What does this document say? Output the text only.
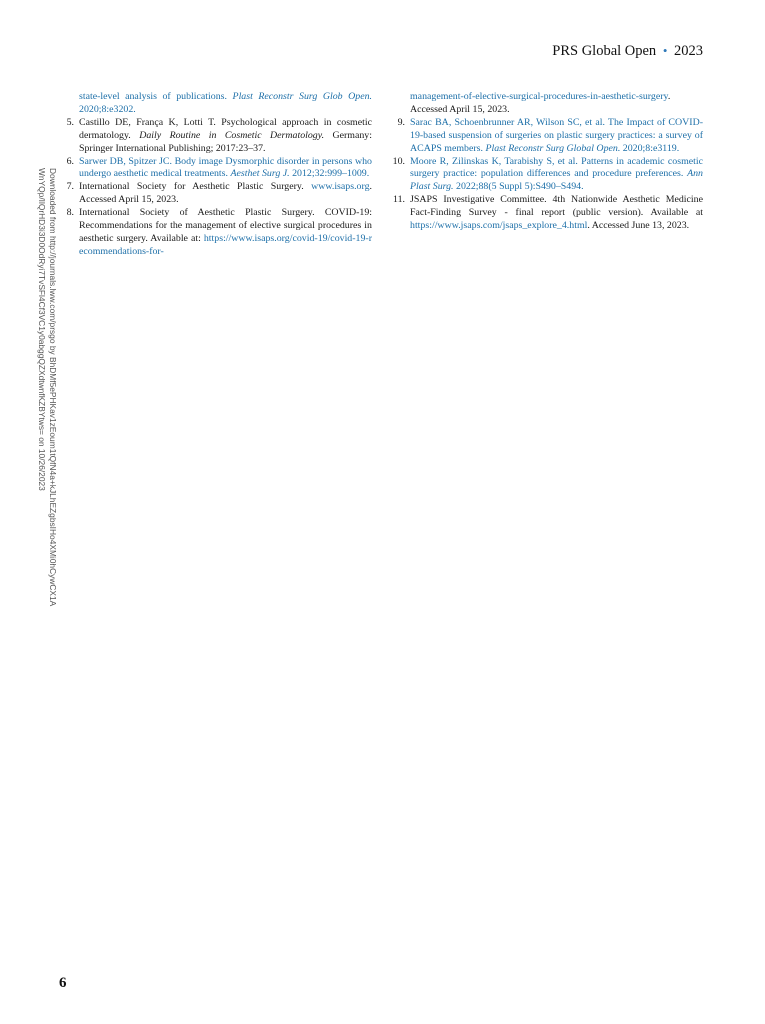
PRS Global Open • 2023
Downloaded from http://journals.lww.com/prsgo by BhDMf5ePHKav1zEoum1tQfN4a+kJLhEZgbsIHo4XMi0hCywCX1A
WnYQp/IlQrHD3i3D0OdRyi7TvSFl4Cf3VC1y0abggQZXdtwnfKZBYtws= on 10/26/2023
state-level analysis of publications. Plast Reconstr Surg Glob Open. 2020;8:e3202.
5. Castillo DE, França K, Lotti T. Psychological approach in cosmetic dermatology. Daily Routine in Cosmetic Dermatology. Germany: Springer International Publishing; 2017:23–37.
6. Sarwer DB, Spitzer JC. Body image Dysmorphic disorder in persons who undergo aesthetic medical treatments. Aesthet Surg J. 2012;32:999–1009.
7. International Society for Aesthetic Plastic Surgery. www.isaps.org. Accessed April 15, 2023.
8. International Society of Aesthetic Plastic Surgery. COVID-19: Recommendations for the management of elective surgical procedures in aesthetic surgery. Available at: https://www.isaps.org/covid-19/covid-19-recommendations-for-
management-of-elective-surgical-procedures-in-aesthetic-surgery. Accessed April 15, 2023.
9. Sarac BA, Schoenbrunner AR, Wilson SC, et al. The Impact of COVID-19-based suspension of surgeries on plastic surgery practices: a survey of ACAPS members. Plast Reconstr Surg Global Open. 2020;8:e3119.
10. Moore R, Zilinskas K, Tarabishy S, et al. Patterns in academic cosmetic surgery practice: population differences and procedure preferences. Ann Plast Surg. 2022;88(5 Suppl 5):S490–S494.
11. JSAPS Investigative Committee. 4th Nationwide Aesthetic Medicine Fact-Finding Survey - final report (public version). Available at https://www.jsaps.com/jsaps_explore_4.html. Accessed June 13, 2023.
6
